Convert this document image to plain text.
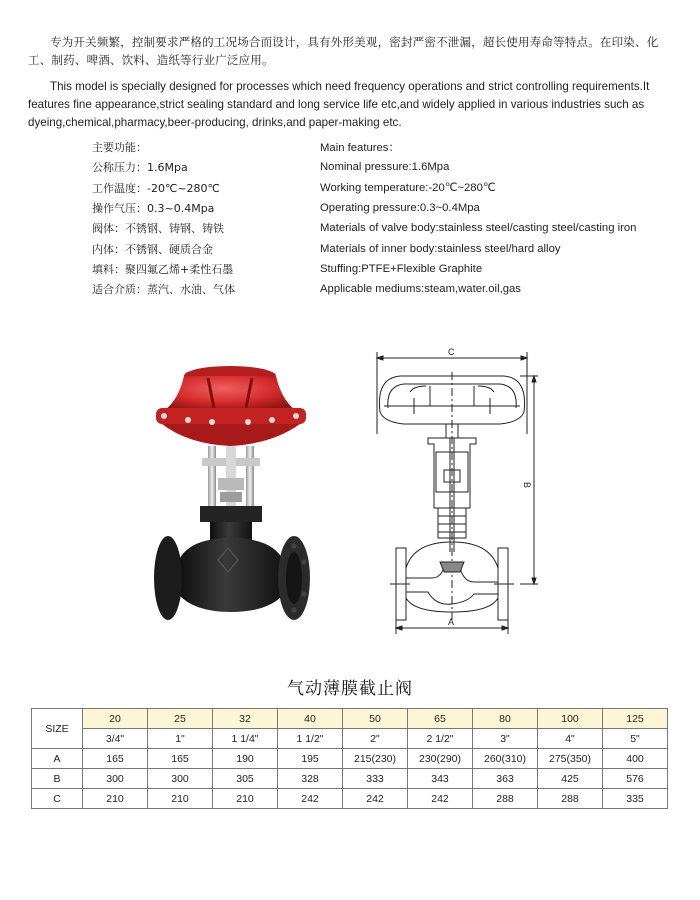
专为开关频繁，控制要求严格的工况场合而设计，具有外形美观，密封严密不泄漏，超长使用寿命等特点。在印染、化工、制药、啤酒、饮料、造纸等行业广泛应用。

This model is specially designed for processes which need frequency operations and strict controlling requirements.It features fine appearance,strict sealing standard and long service life etc,and widely applied in various industries such as dyeing,chemical,pharmacy,beer-producing, drinks,and paper-making etc.

主要功能：	Main features：
公称压力：1.6Mpa	Nominal pressure:1.6Mpa
工作温度：-20℃~280℃	Working temperature:-20℃~280℃
操作气压：0.3~0.4Mpa	Operating pressure:0.3~0.4Mpa
阀体：不锈钢、铸钢、铸铁	Materials of valve body:stainless steel/casting steel/casting iron
内体：不锈钢、硬质合金	Materials of inner body:stainless steel/hard alloy
填料：聚四氟乙烯+柔性石墨	Stuffing:PTFE+Flexible Graphite
适合介质：蒸汽、水油、气体	Applicable mediums:steam,water.oil,gas
C
B
A
气动薄膜截止阀
SIZE	20	25	32	40	50	65	80	100	125
	3/4"	1"	1 1/4"	1 1/2"	2"	2 1/2"	3"	4"	5"
A	165	165	190	195	215(230)	230(290)	260(310)	275(350)	400
B	300	300	305	328	333	343	363	425	576
C	210	210	210	242	242	242	288	288	335
